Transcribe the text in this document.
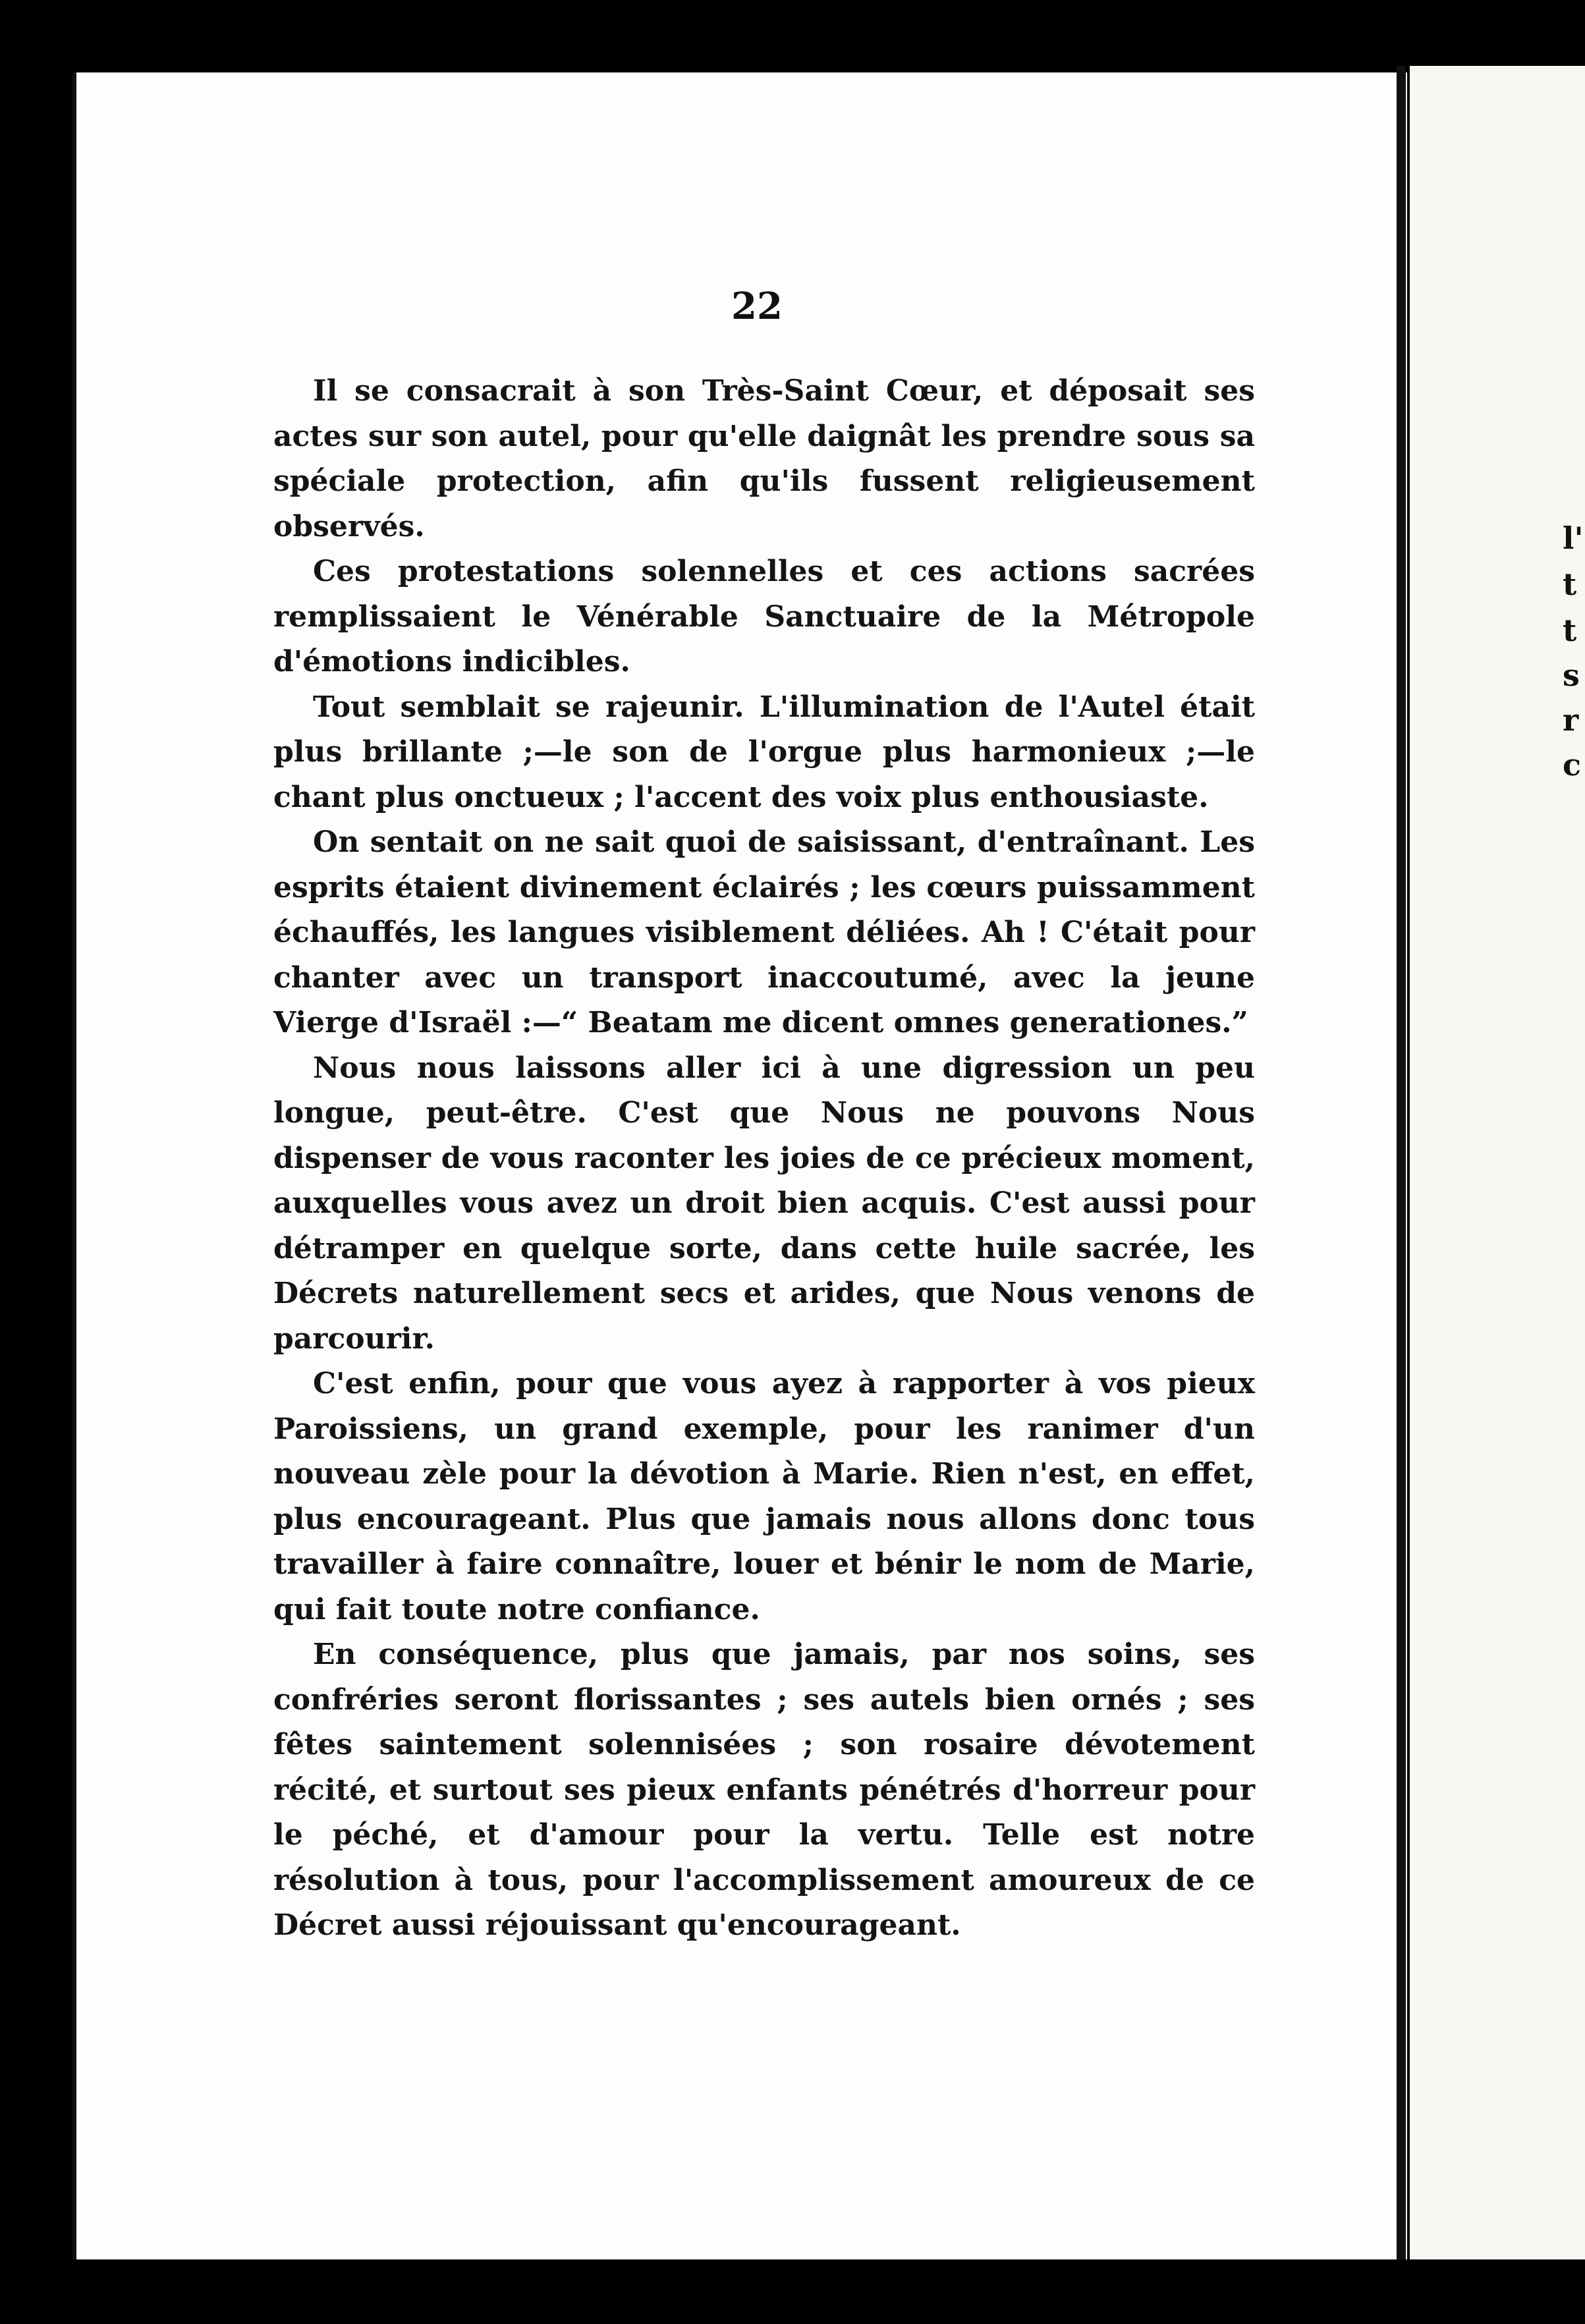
l'
t
t
s
r
c
22

Il se consacrait à son Très-Saint Cœur, et déposait ses actes sur son autel, pour qu'elle daignât les prendre sous sa spéciale protection, afin qu'ils fussent religieusement observés.

Ces protestations solennelles et ces actions sacrées remplissaient le Vénérable Sanctuaire de la Métropole d'émotions indicibles.

Tout semblait se rajeunir. L'illumination de l'Autel était plus brillante ;—le son de l'orgue plus harmonieux ;—le chant plus onctueux ; l'accent des voix plus enthousiaste.

On sentait on ne sait quoi de saisissant, d'entraînant. Les esprits étaient divinement éclairés ; les cœurs puissamment échauffés, les langues visiblement déliées. Ah ! C'était pour chanter avec un transport inaccoutumé, avec la jeune Vierge d'Israël :—“ Beatam me dicent omnes generationes.”

Nous nous laissons aller ici à une digression un peu longue, peut-être. C'est que Nous ne pouvons Nous dispenser de vous raconter les joies de ce précieux moment, auxquelles vous avez un droit bien acquis. C'est aussi pour détramper en quelque sorte, dans cette huile sacrée, les Décrets naturellement secs et arides, que Nous venons de parcourir.

C'est enfin, pour que vous ayez à rapporter à vos pieux Paroissiens, un grand exemple, pour les ranimer d'un nouveau zèle pour la dévotion à Marie. Rien n'est, en effet, plus encourageant. Plus que jamais nous allons donc tous travailler à faire connaître, louer et bénir le nom de Marie, qui fait toute notre confiance.

En conséquence, plus que jamais, par nos soins, ses confréries seront florissantes ; ses autels bien ornés ; ses fêtes saintement solennisées ; son rosaire dévotement récité, et surtout ses pieux enfants pénétrés d'horreur pour le péché, et d'amour pour la vertu. Telle est notre résolution à tous, pour l'accomplissement amoureux de ce Décret aussi réjouissant qu'encourageant.
